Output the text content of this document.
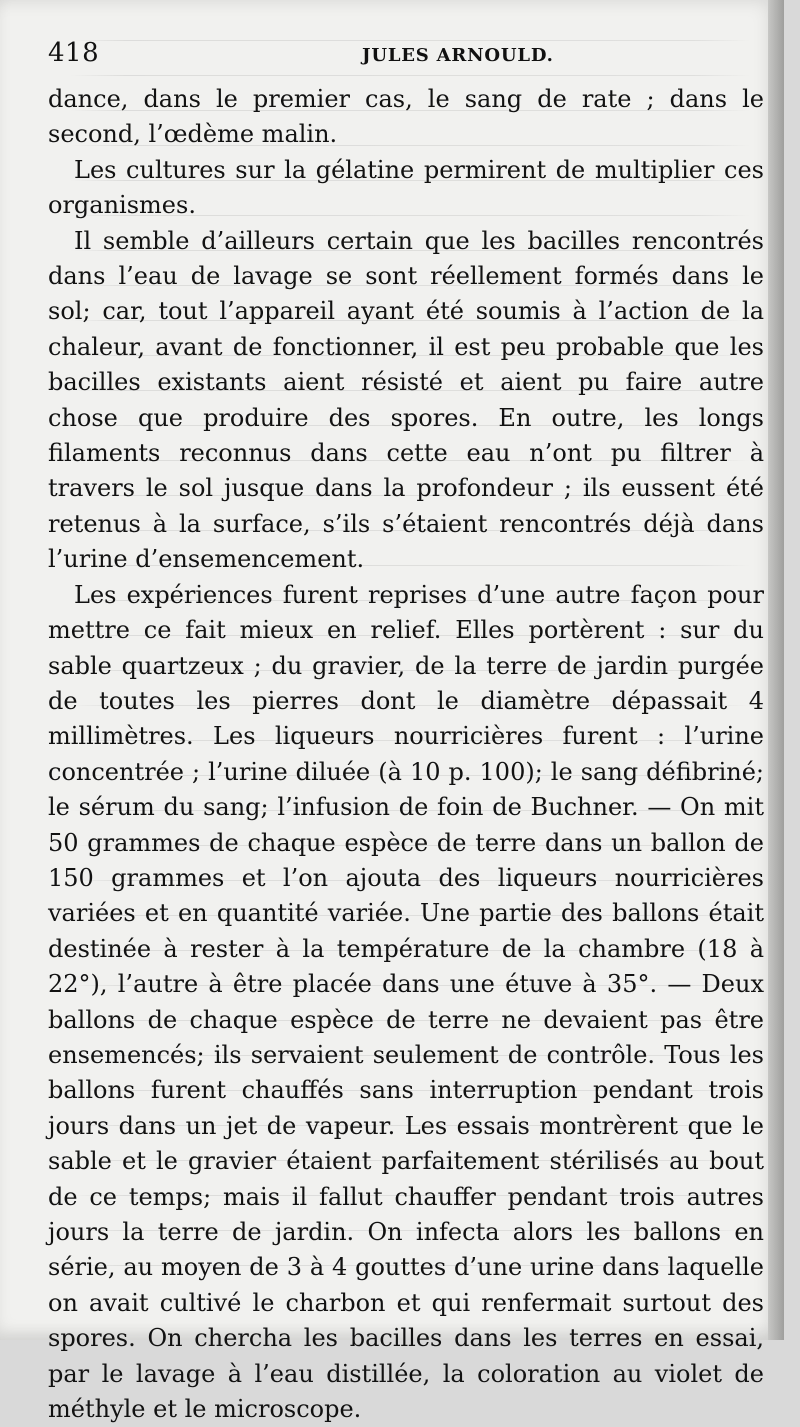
418	JULES ARNOULD.

dance, dans le premier cas, le sang de rate ; dans le second, l’œdème malin.

Les cultures sur la gélatine permirent de multiplier ces organismes.

Il semble d’ailleurs certain que les bacilles rencontrés dans l’eau de lavage se sont réellement formés dans le sol; car, tout l’appareil ayant été soumis à l’action de la chaleur, avant de fonctionner, il est peu probable que les bacilles existants aient résisté et aient pu faire autre chose que produire des spores. En outre, les longs filaments reconnus dans cette eau n’ont pu filtrer à travers le sol jusque dans la profondeur ; ils eussent été retenus à la surface, s’ils s’étaient rencontrés déjà dans l’urine d’ensemencement.

Les expériences furent reprises d’une autre façon pour mettre ce fait mieux en relief. Elles portèrent : sur du sable quartzeux ; du gravier, de la terre de jardin purgée de toutes les pierres dont le diamètre dépassait 4 millimètres. Les liqueurs nourricières furent : l’urine concentrée ; l’urine diluée (à 10 p. 100); le sang défibriné; le sérum du sang; l’infusion de foin de Buchner. — On mit 50 grammes de chaque espèce de terre dans un ballon de 150 grammes et l’on ajouta des liqueurs nourricières variées et en quantité variée. Une partie des ballons était destinée à rester à la température de la chambre (18 à 22°), l’autre à être placée dans une étuve à 35°. — Deux ballons de chaque espèce de terre ne devaient pas être ensemencés; ils servaient seulement de contrôle. Tous les ballons furent chauffés sans interruption pendant trois jours dans un jet de vapeur. Les essais montrèrent que le sable et le gravier étaient parfaitement stérilisés au bout de ce temps; mais il fallut chauffer pendant trois autres jours la terre de jardin. On infecta alors les ballons en série, au moyen de 3 à 4 gouttes d’une urine dans laquelle on avait cultivé le charbon et qui renfermait surtout des spores. On chercha les bacilles dans les terres en essai, par le lavage à l’eau distillée, la coloration au violet de méthyle et le microscope.
